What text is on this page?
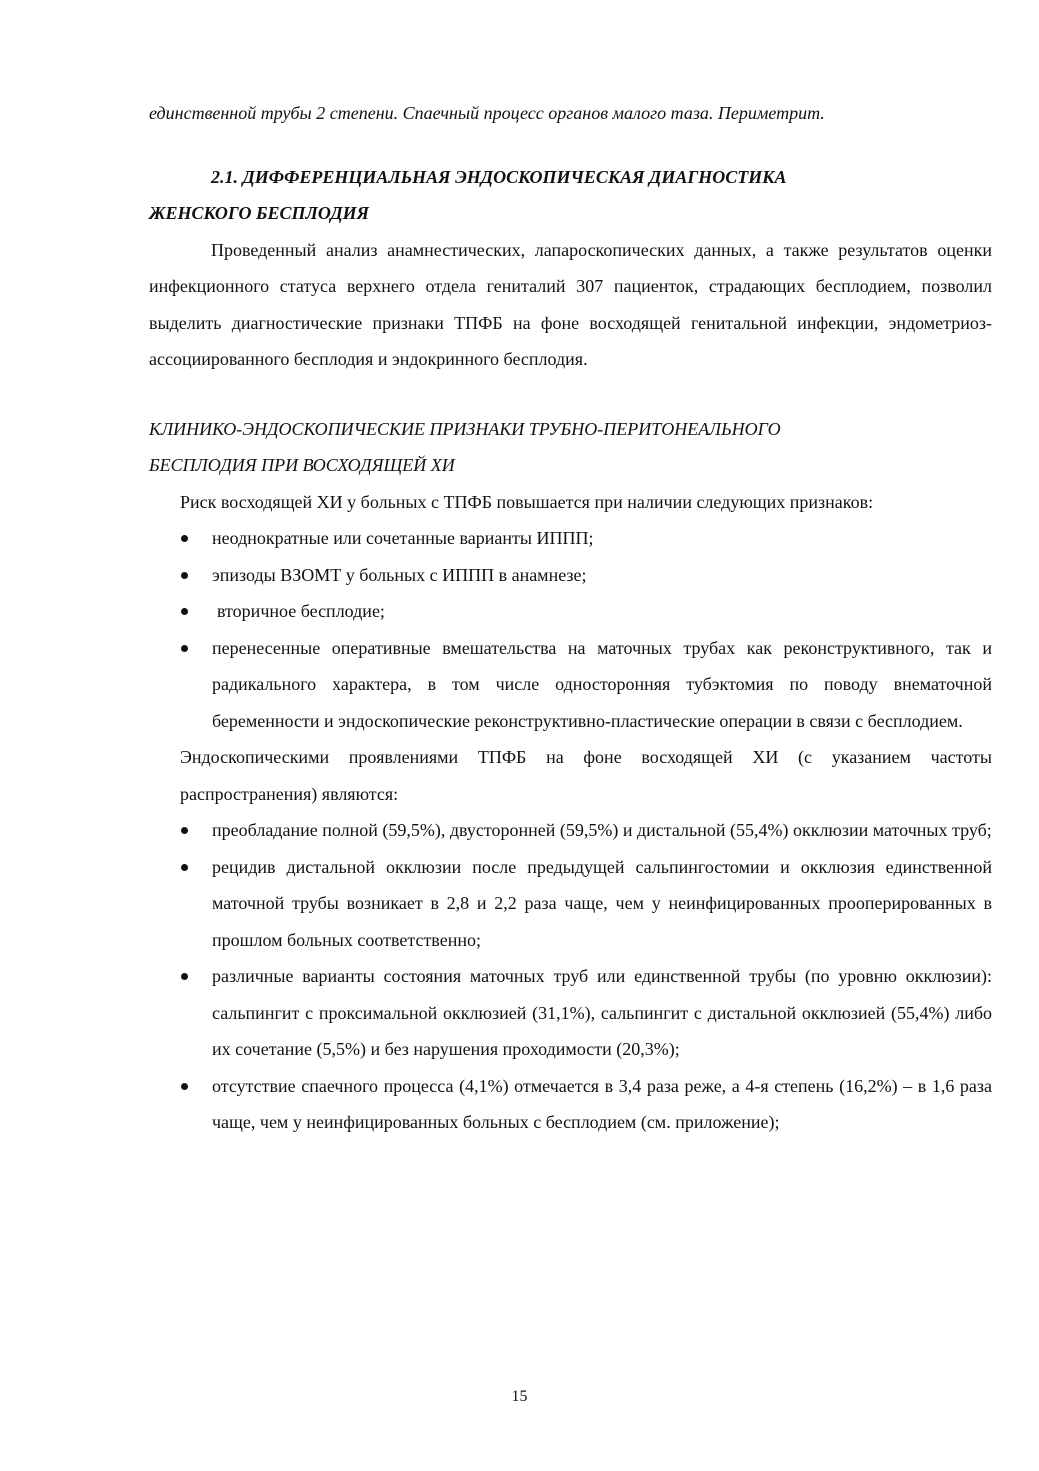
единственной трубы 2 степени. Спаечный процесс органов малого таза. Периметрит.

2.1. ДИФФЕРЕНЦИАЛЬНАЯ ЭНДОСКОПИЧЕСКАЯ ДИАГНОСТИКА
ЖЕНСКОГО БЕСПЛОДИЯ

Проведенный анализ анамнестических, лапароскопических данных, а также результатов оценки инфекционного статуса верхнего отдела гениталий 307 пациенток, страдающих бесплодием, позволил выделить диагностические признаки ТПФБ на фоне восходящей генитальной инфекции, эндометриоз-ассоциированного бесплодия и эндокринного бесплодия.

КЛИНИКО-ЭНДОСКОПИЧЕСКИЕ ПРИЗНАКИ ТРУБНО-ПЕРИТОНЕАЛЬНОГО
БЕСПЛОДИЯ ПРИ ВОСХОДЯЩЕЙ ХИ

Риск восходящей ХИ у больных с ТПФБ повышается при наличии следующих признаков:

неоднократные или сочетанные варианты ИППП;
эпизоды ВЗОМТ у больных с ИППП в анамнезе;
вторичное бесплодие;
перенесенные оперативные вмешательства на маточных трубах как реконструктивного, так и радикального характера, в том числе односторонняя тубэктомия по поводу внематочной беременности и эндоскопические реконструктивно-пластические операции в связи с бесплодием.

Эндоскопическими проявлениями ТПФБ на фоне восходящей ХИ (с указанием частоты распространения) являются:

преобладание полной (59,5%), двусторонней (59,5%) и дистальной (55,4%) окклюзии маточных труб;
рецидив дистальной окклюзии после предыдущей сальпингостомии и окклюзия единственной маточной трубы возникает в 2,8 и 2,2 раза чаще, чем у неинфицированных прооперированных в прошлом больных соответственно;
различные варианты состояния маточных труб или единственной трубы (по уровню окклюзии): сальпингит с проксимальной окклюзией (31,1%), сальпингит с дистальной окклюзией (55,4%) либо их сочетание (5,5%) и без нарушения проходимости (20,3%);
отсутствие спаечного процесса (4,1%) отмечается в 3,4 раза реже, а 4-я степень (16,2%) – в 1,6 раза чаще, чем у неинфицированных больных с бесплодием (см. приложение);
15
